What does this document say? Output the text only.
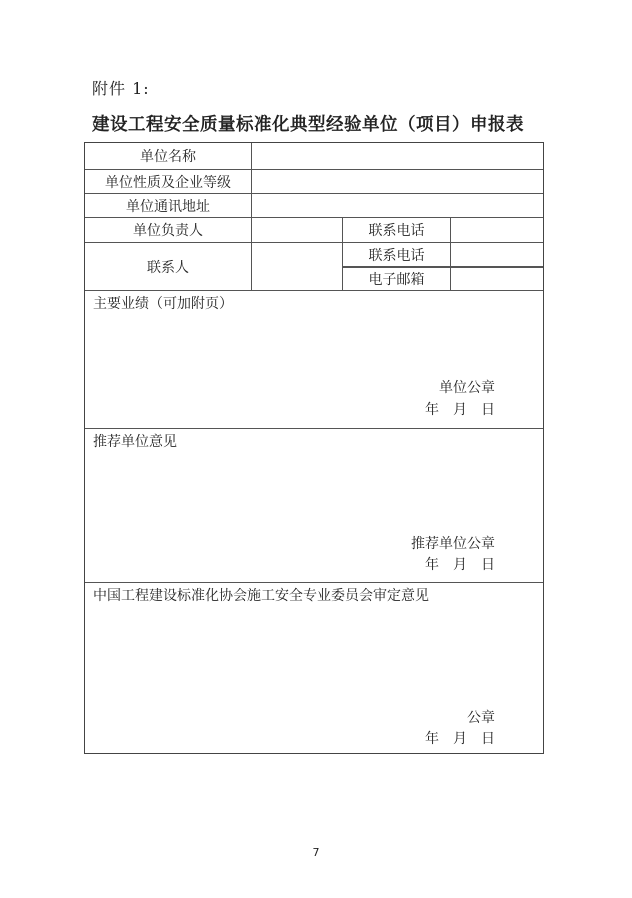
附件 1:
建设工程安全质量标准化典型经验单位（项目）申报表
单位名称
单位性质及企业等级
单位通讯地址
单位负责人	联系电话
联系人
联系电话
电子邮箱
主要业绩（可加附页）
单位公章
年　月　日
推荐单位意见
推荐单位公章
年　月　日
中国工程建设标准化协会施工安全专业委员会审定意见
公章
年　月　日
7
